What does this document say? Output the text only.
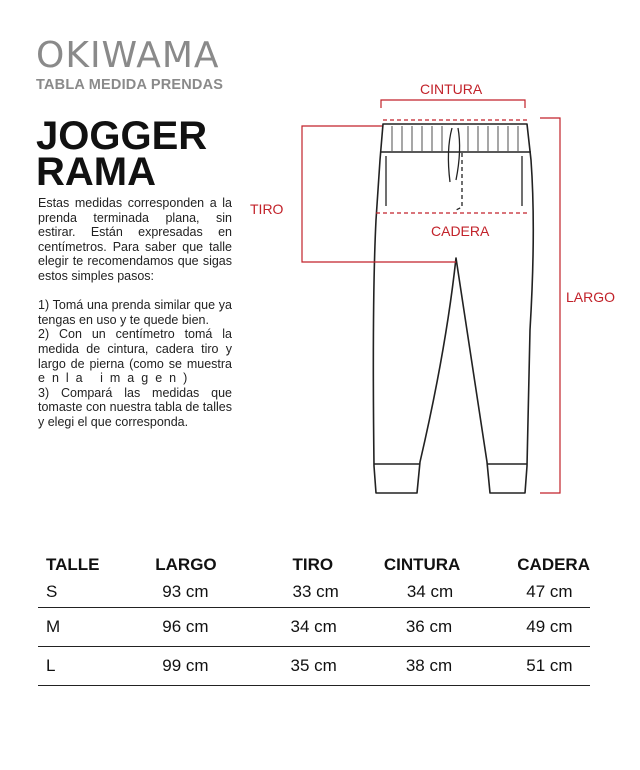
OKIWAMA
TABLA MEDIDA PRENDAS
JOGGER
RAMA

Estas medidas corresponden a la prenda terminada plana, sin estirar. Están expresadas en centímetros. Para saber que talle elegir te recomendamos que sigas estos simples pasos:

1) Tomá una prenda similar que ya tengas en uso y te quede bien.

2) Con un centímetro tomá la medida de cintura, cadera tiro y largo de pierna (como se muestra enla imagen)

3) Compará las medidas que tomaste con nuestra tabla de talles y elegi el que corresponda.

CINTURA
TIRO
CADERA
LARGO
TALLE	LARGO	TIRO	CINTURA	CADERA
S	93 cm	33 cm	34 cm	47 cm
M	96 cm	34 cm	36 cm	49 cm
L	99 cm	35 cm	38 cm	51 cm
